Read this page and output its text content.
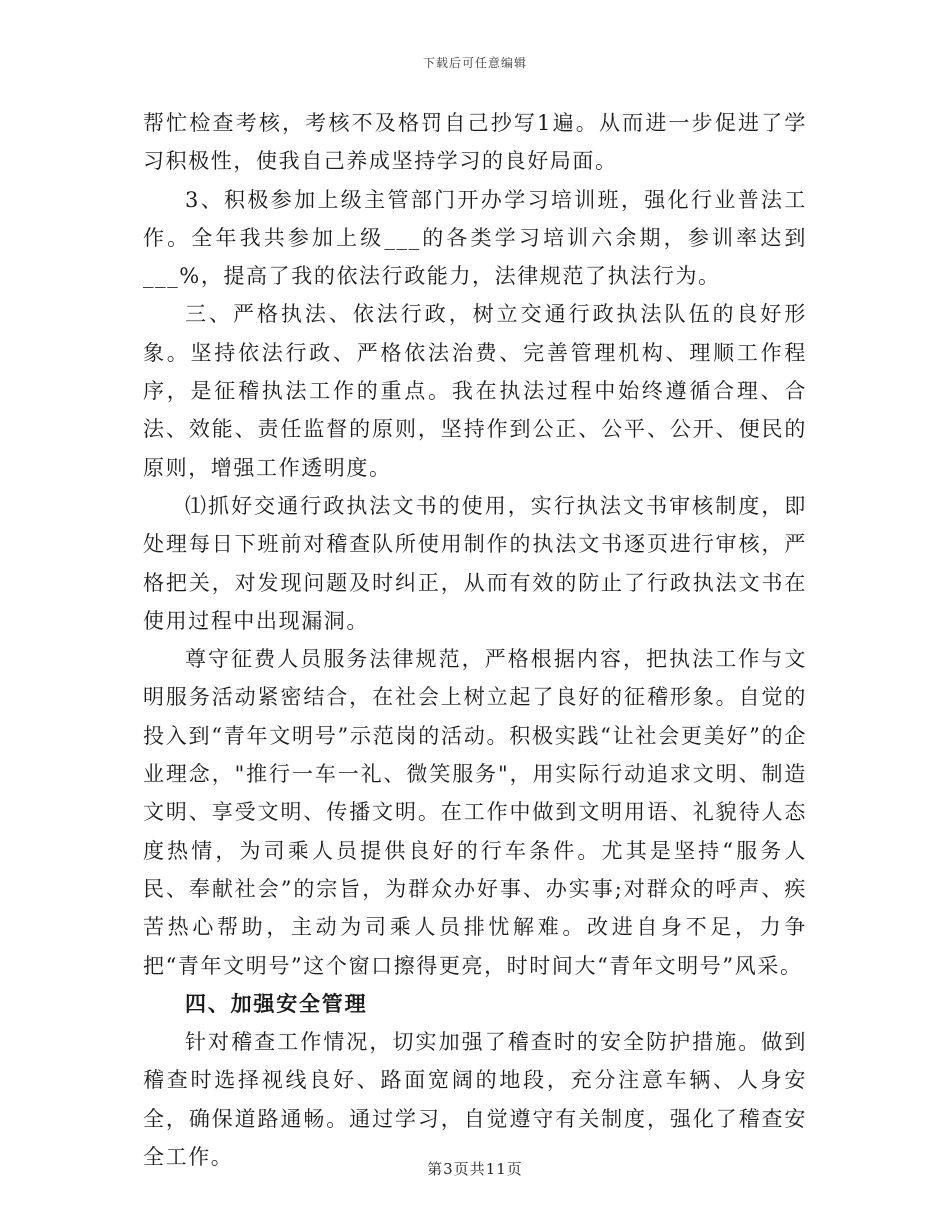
下载后可任意编辑

帮忙检查考核，考核不及格罚自己抄写1遍。从而进一步促进了学习积极性，使我自己养成坚持学习的良好局面。

3、积极参加上级主管部门开办学习培训班，强化行业普法工作。全年我共参加上级___的各类学习培训六余期，参训率达到___%，提高了我的依法行政能力，法律规范了执法行为。

三、严格执法、依法行政，树立交通行政执法队伍的良好形象。坚持依法行政、严格依法治费、完善管理机构、理顺工作程序，是征稽执法工作的重点。我在执法过程中始终遵循合理、合法、效能、责任监督的原则，坚持作到公正、公平、公开、便民的原则，增强工作透明度。

⑴抓好交通行政执法文书的使用，实行执法文书审核制度，即处理每日下班前对稽查队所使用制作的执法文书逐页进行审核，严格把关，对发现问题及时纠正，从而有效的防止了行政执法文书在使用过程中出现漏洞。

尊守征费人员服务法律规范，严格根据内容，把执法工作与文明服务活动紧密结合，在社会上树立起了良好的征稽形象。自觉的投入到“青年文明号”示范岗的活动。积极实践“让社会更美好”的企业理念，"推行一车一礼、微笑服务"，用实际行动追求文明、制造文明、享受文明、传播文明。在工作中做到文明用语、礼貌待人态度热情，为司乘人员提供良好的行车条件。尤其是坚持“服务人民、奉献社会”的宗旨，为群众办好事、办实事;对群众的呼声、疾苦热心帮助，主动为司乘人员排忧解难。改进自身不足，力争把“青年文明号”这个窗口擦得更亮，时时间大“青年文明号”风采。

四、加强安全管理

针对稽查工作情况，切实加强了稽查时的安全防护措施。做到稽查时选择视线良好、路面宽阔的地段，充分注意车辆、人身安全，确保道路通畅。通过学习，自觉遵守有关制度，强化了稽查安全工作。	第3页共11页
